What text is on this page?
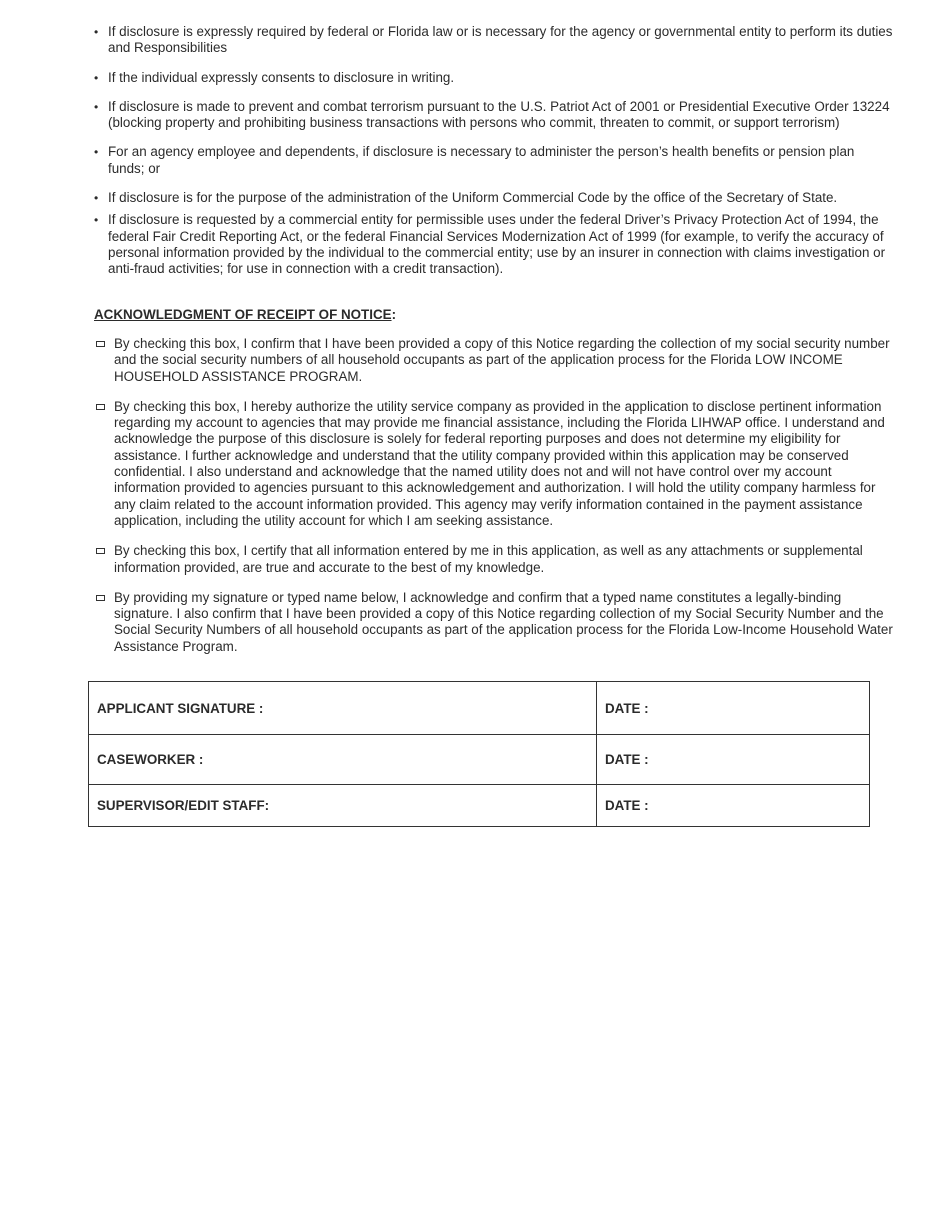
• If disclosure is expressly required by federal or Florida law or is necessary for the agency or governmental entity to perform its duties and Responsibilities
• If the individual expressly consents to disclosure in writing.
• If disclosure is made to prevent and combat terrorism pursuant to the U.S. Patriot Act of 2001 or Presidential Executive Order 13224 (blocking property and prohibiting business transactions with persons who commit, threaten to commit, or support terrorism)
• For an agency employee and dependents, if disclosure is necessary to administer the person’s health benefits or pension plan funds; or
• If disclosure is for the purpose of the administration of the Uniform Commercial Code by the office of the Secretary of State.
• If disclosure is requested by a commercial entity for permissible uses under the federal Driver’s Privacy Protection Act of 1994, the federal Fair Credit Reporting Act, or the federal Financial Services Modernization Act of 1999 (for example, to verify the accuracy of personal information provided by the individual to the commercial entity; use by an insurer in connection with claims investigation or anti-fraud activities; for use in connection with a credit transaction).
ACKNOWLEDGMENT OF RECEIPT OF NOTICE:
By checking this box, I confirm that I have been provided a copy of this Notice regarding the collection of my social security number and the social security numbers of all household occupants as part of the application process for the Florida LOW INCOME HOUSEHOLD ASSISTANCE PROGRAM.
By checking this box, I hereby authorize the utility service company as provided in the application to disclose pertinent information regarding my account to agencies that may provide me financial assistance, including the Florida LIHWAP office. I understand and acknowledge the purpose of this disclosure is solely for federal reporting purposes and does not determine my eligibility for assistance. I further acknowledge and understand that the utility company provided within this application may be conserved confidential. I also understand and acknowledge that the named utility does not and will not have control over my account information provided to agencies pursuant to this acknowledgement and authorization. I will hold the utility company harmless for any claim related to the account information provided. This agency may verify information contained in the payment assistance application, including the utility account for which I am seeking assistance.
By checking this box, I certify that all information entered by me in this application, as well as any attachments or supplemental information provided, are true and accurate to the best of my knowledge.
By providing my signature or typed name below, I acknowledge and confirm that a typed name constitutes a legally-binding signature. I also confirm that I have been provided a copy of this Notice regarding collection of my Social Security Number and the Social Security Numbers of all household occupants as part of the application process for the Florida Low-Income Household Water Assistance Program.
APPLICANT SIGNATURE :	DATE :
CASEWORKER :	DATE :
SUPERVISOR/EDIT STAFF:	DATE :
